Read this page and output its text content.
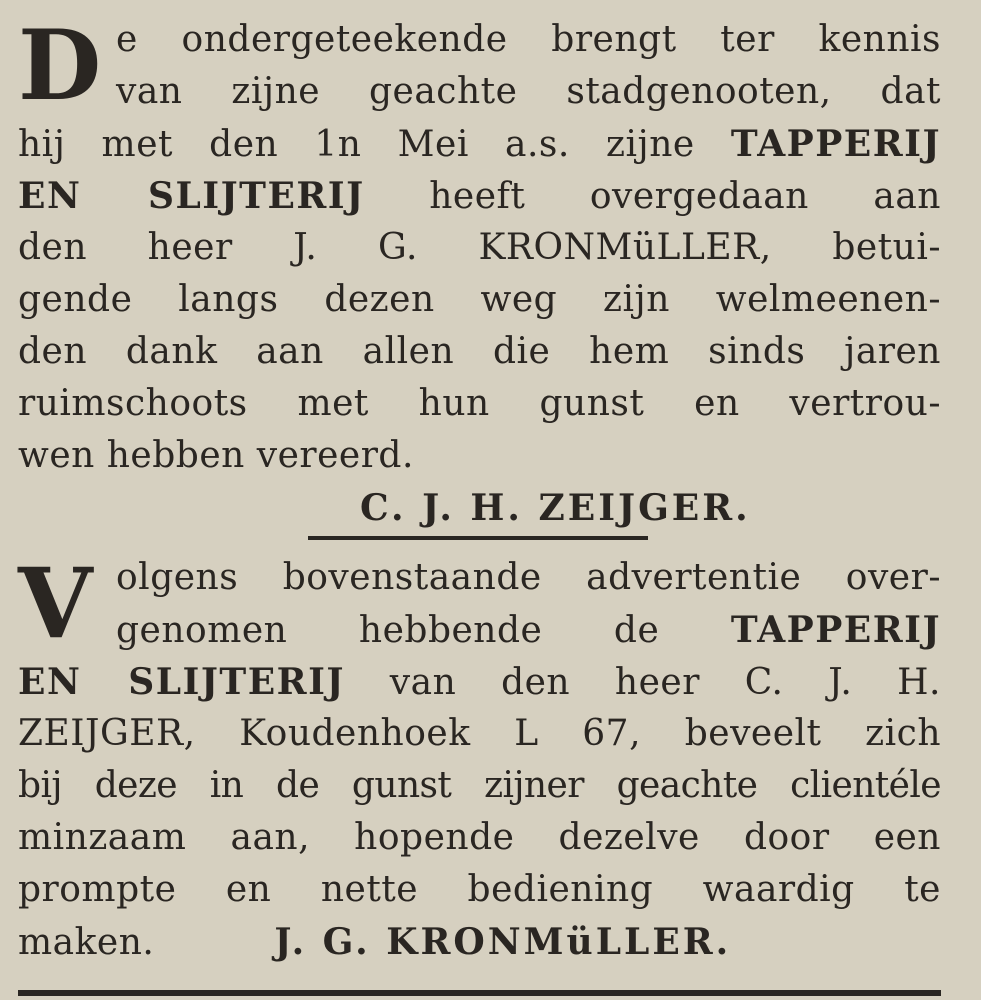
D e ondergeteekende brengt ter kennis
van zijne geachte stadgenooten, dat
hij met den 1n Mei a.s. zijne TAPPERIJ
EN SLIJTERIJ heeft overgedaan aan
den heer J. G. KRONMüLLER, betui-
gende langs dezen weg zijn welmeenen-
den dank aan allen die hem sinds jaren
ruimschoots met hun gunst en vertrou-
wen hebben vereerd.
C. J. H. ZEIJGER.
V olgens bovenstaande advertentie over-
genomen hebbende de TAPPERIJ
EN SLIJTERIJ van den heer C. J. H.
ZEIJGER, Koudenhoek L 67, beveelt zich
bij deze in de gunst zijner geachte clientéle
minzaam aan, hopende dezelve door een
prompte en nette bediening waardig te
maken.	J. G. KRONMüLLER.
